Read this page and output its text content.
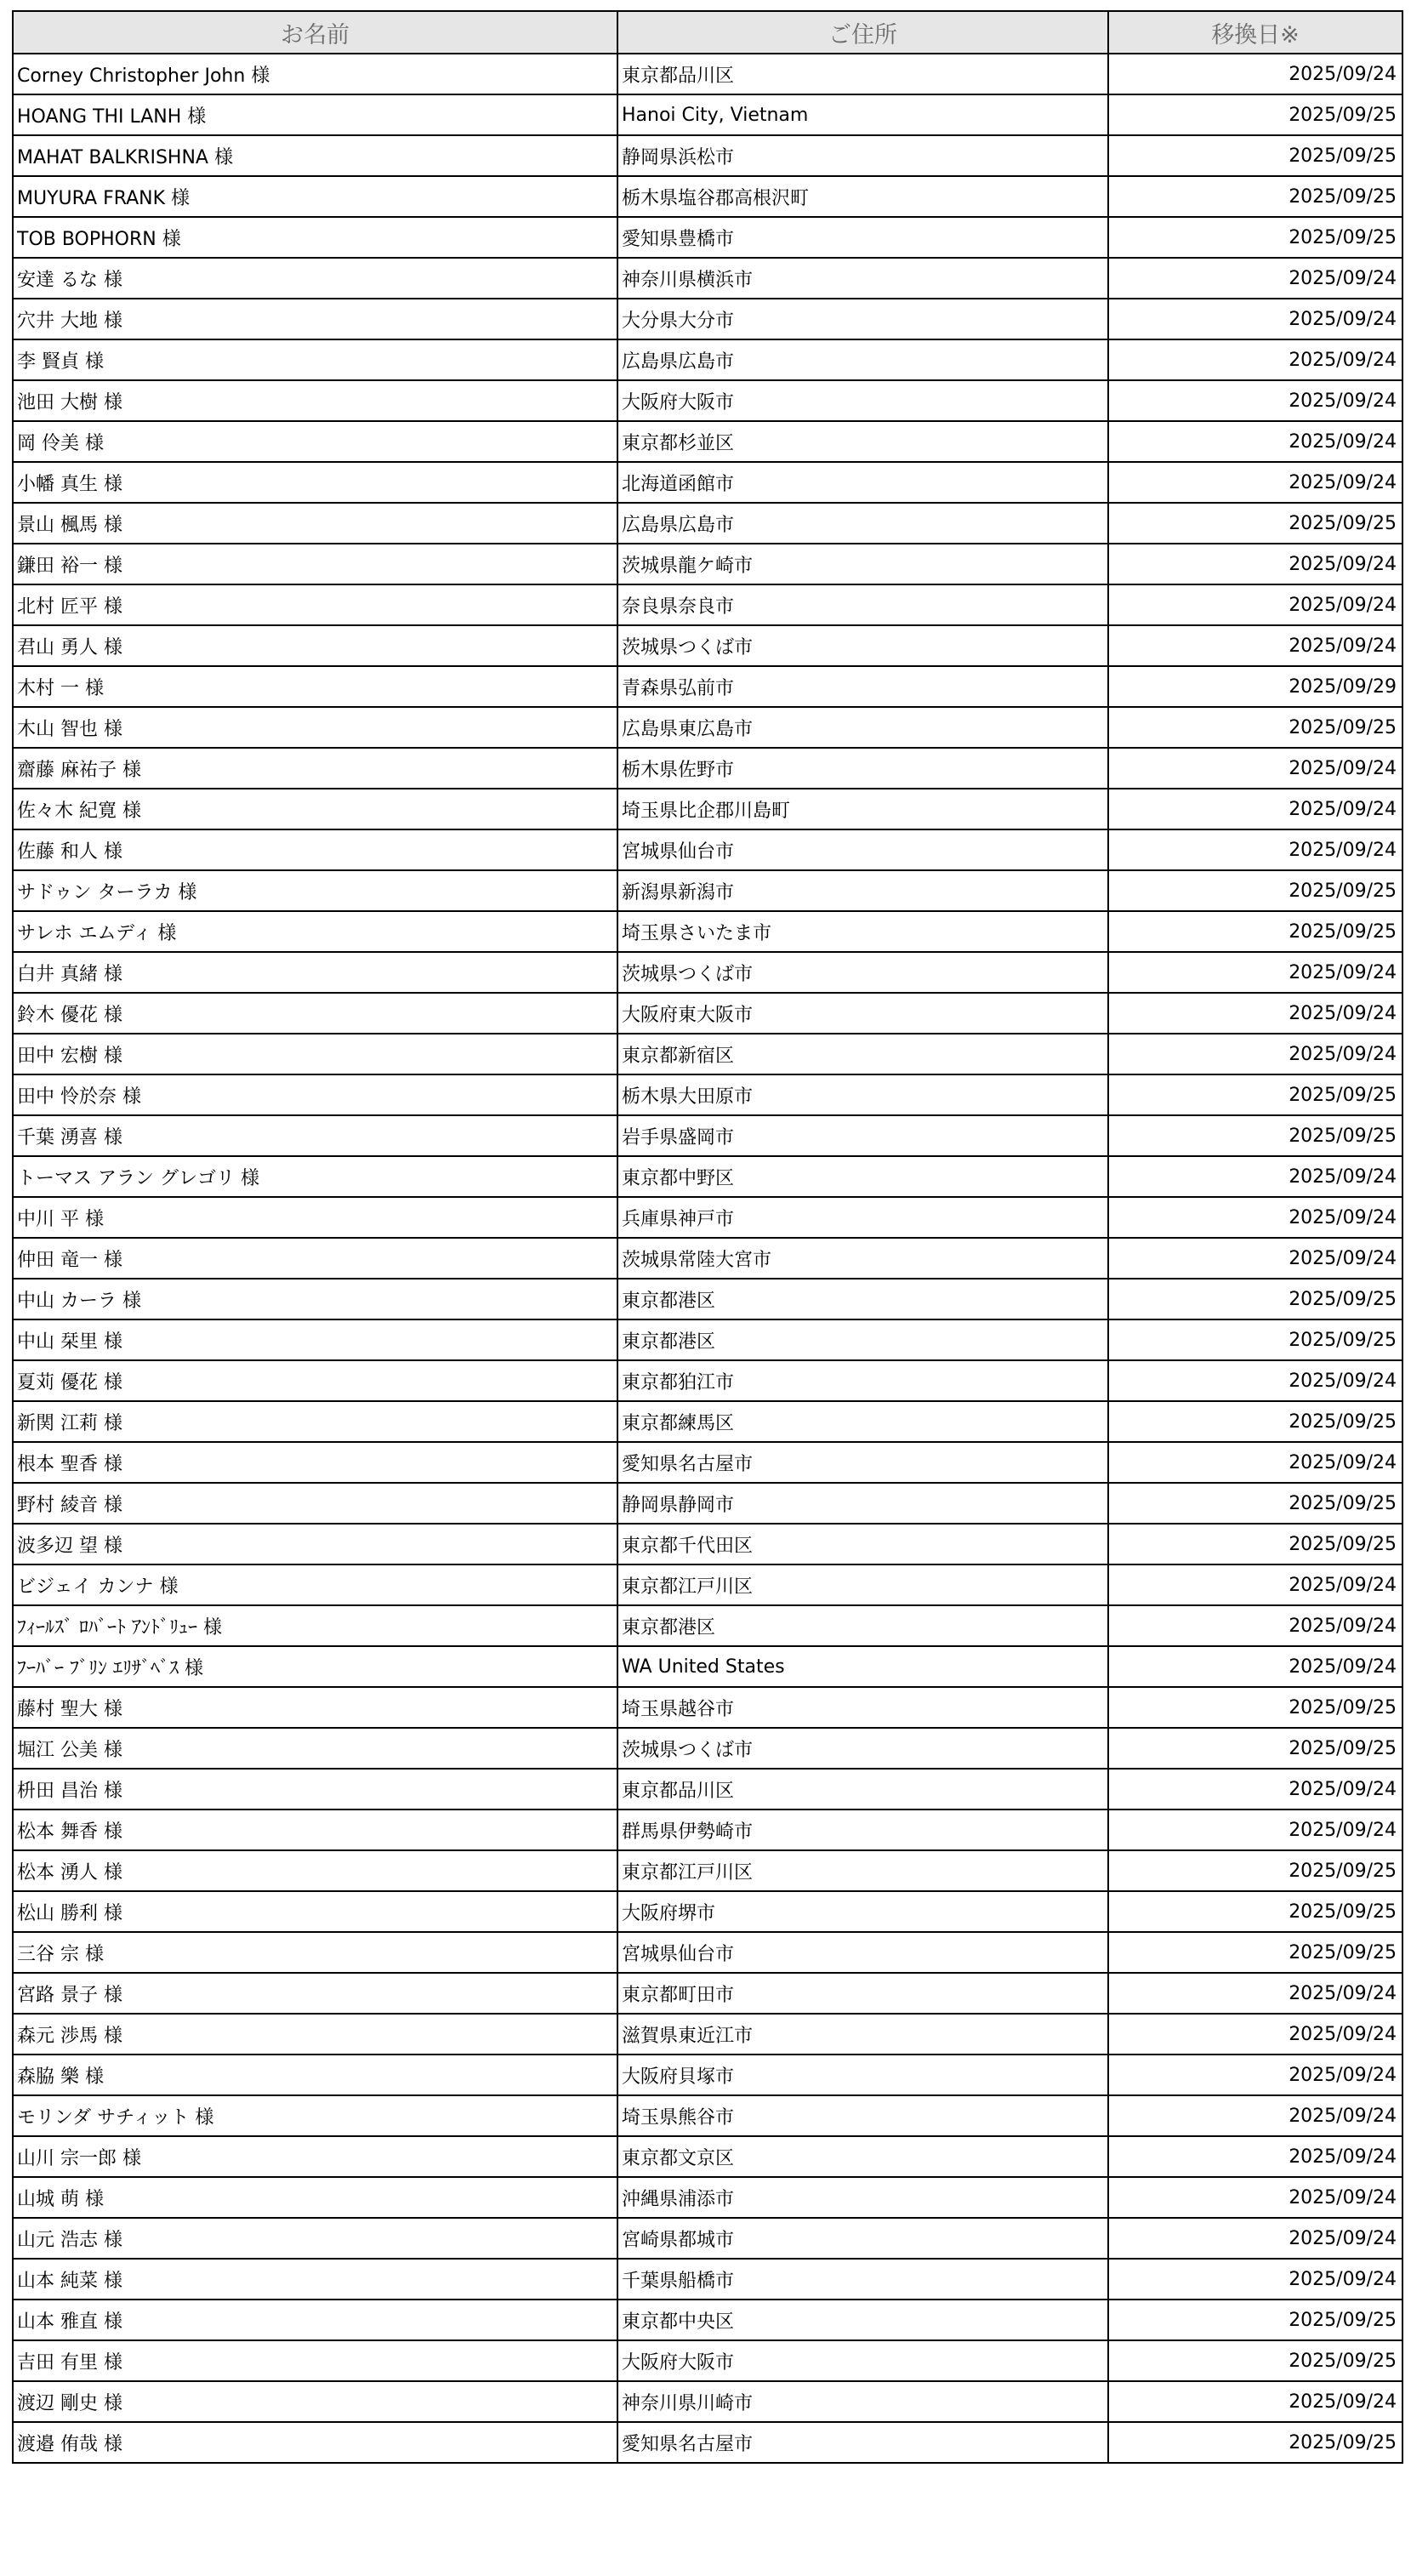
お名前	ご住所	移換日※
Corney Christopher John 様	東京都品川区	2025/09/24
HOANG THI LANH 様	Hanoi City, Vietnam	2025/09/25
MAHAT BALKRISHNA 様	静岡県浜松市	2025/09/25
MUYURA FRANK 様	栃木県塩谷郡高根沢町	2025/09/25
TOB BOPHORN 様	愛知県豊橋市	2025/09/25
安達 るな 様	神奈川県横浜市	2025/09/24
穴井 大地 様	大分県大分市	2025/09/24
李 賢貞 様	広島県広島市	2025/09/24
池田 大樹 様	大阪府大阪市	2025/09/24
岡 伶美 様	東京都杉並区	2025/09/24
小幡 真生 様	北海道函館市	2025/09/24
景山 楓馬 様	広島県広島市	2025/09/25
鎌田 裕一 様	茨城県龍ケ崎市	2025/09/24
北村 匠平 様	奈良県奈良市	2025/09/24
君山 勇人 様	茨城県つくば市	2025/09/24
木村 一 様	青森県弘前市	2025/09/29
木山 智也 様	広島県東広島市	2025/09/25
齋藤 麻祐子 様	栃木県佐野市	2025/09/24
佐々木 紀寛 様	埼玉県比企郡川島町	2025/09/24
佐藤 和人 様	宮城県仙台市	2025/09/24
サドゥン ターラカ 様	新潟県新潟市	2025/09/25
サレホ エムディ 様	埼玉県さいたま市	2025/09/25
白井 真緒 様	茨城県つくば市	2025/09/24
鈴木 優花 様	大阪府東大阪市	2025/09/24
田中 宏樹 様	東京都新宿区	2025/09/24
田中 怜於奈 様	栃木県大田原市	2025/09/25
千葉 湧喜 様	岩手県盛岡市	2025/09/25
トーマス アラン グレゴリ 様	東京都中野区	2025/09/24
中川 平 様	兵庫県神戸市	2025/09/24
仲田 竜一 様	茨城県常陸大宮市	2025/09/24
中山 カーラ 様	東京都港区	2025/09/25
中山 栞里 様	東京都港区	2025/09/25
夏苅 優花 様	東京都狛江市	2025/09/24
新関 江莉 様	東京都練馬区	2025/09/25
根本 聖香 様	愛知県名古屋市	2025/09/24
野村 綾音 様	静岡県静岡市	2025/09/25
波多辺 望 様	東京都千代田区	2025/09/25
ビジェイ カンナ 様	東京都江戸川区	2025/09/24
ﾌｨｰﾙｽﾞ ﾛﾊﾞｰﾄ ｱﾝﾄﾞﾘｭｰ 様	東京都港区	2025/09/24
ﾌｰﾊﾞｰ ﾌﾞﾘﾝ ｴﾘｻﾞﾍﾞｽ 様	WA United States	2025/09/24
藤村 聖大 様	埼玉県越谷市	2025/09/25
堀江 公美 様	茨城県つくば市	2025/09/25
枡田 昌治 様	東京都品川区	2025/09/24
松本 舞香 様	群馬県伊勢崎市	2025/09/24
松本 湧人 様	東京都江戸川区	2025/09/25
松山 勝利 様	大阪府堺市	2025/09/25
三谷 宗 様	宮城県仙台市	2025/09/25
宮路 景子 様	東京都町田市	2025/09/24
森元 渉馬 様	滋賀県東近江市	2025/09/24
森脇 樂 様	大阪府貝塚市	2025/09/24
モリンダ サチィット 様	埼玉県熊谷市	2025/09/24
山川 宗一郎 様	東京都文京区	2025/09/24
山城 萌 様	沖縄県浦添市	2025/09/24
山元 浩志 様	宮崎県都城市	2025/09/24
山本 純菜 様	千葉県船橋市	2025/09/24
山本 雅直 様	東京都中央区	2025/09/25
吉田 有里 様	大阪府大阪市	2025/09/25
渡辺 剛史 様	神奈川県川崎市	2025/09/24
渡邉 侑哉 様	愛知県名古屋市	2025/09/25
